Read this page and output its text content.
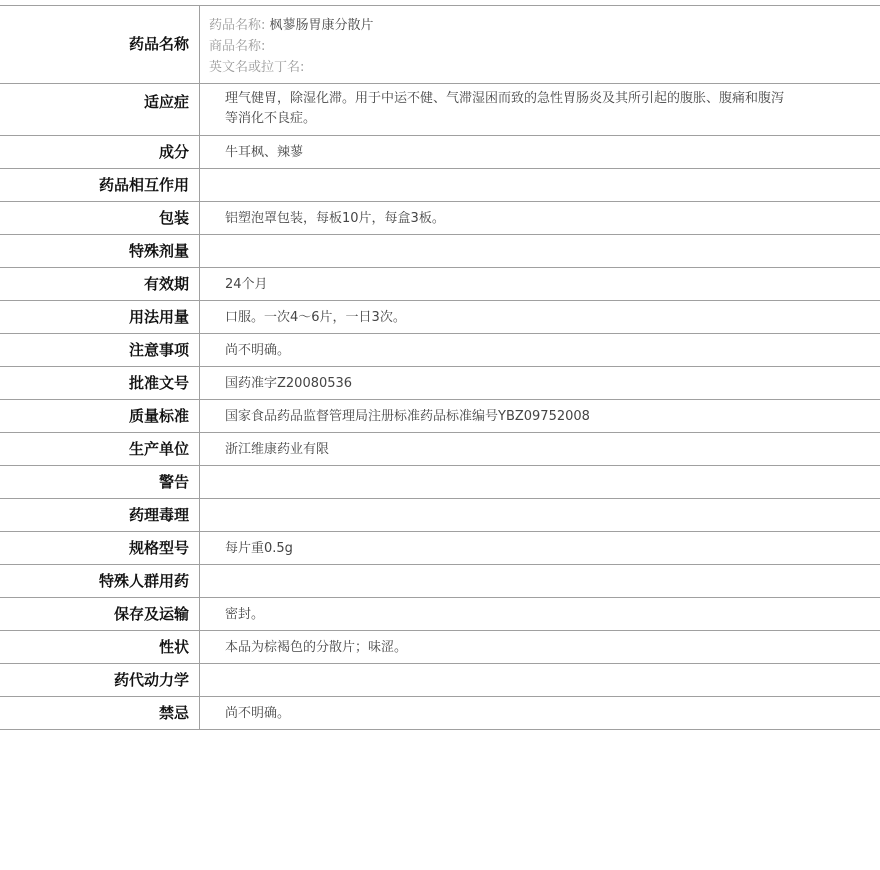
药品名称
药品名称: 枫蓼肠胃康分散片
商品名称:
英文名或拉丁名:
适应症	理气健胃，除湿化滞。用于中运不健、气滞湿困而致的急性胃肠炎及其所引起的腹胀、腹痛和腹泻等消化不良症。
成分	牛耳枫、辣蓼
药品相互作用
包装	铝塑泡罩包装，每板10片，每盒3板。
特殊剂量
有效期	24个月
用法用量	口服。一次4～6片，一日3次。
注意事项	尚不明确。
批准文号	国药准字Z20080536
质量标准	国家食品药品监督管理局注册标准药品标准编号YBZ09752008
生产单位	浙江维康药业有限
警告
药理毒理
规格型号	每片重0.5g
特殊人群用药
保存及运输	密封。
性状	本品为棕褐色的分散片；味涩。
药代动力学
禁忌	尚不明确。
